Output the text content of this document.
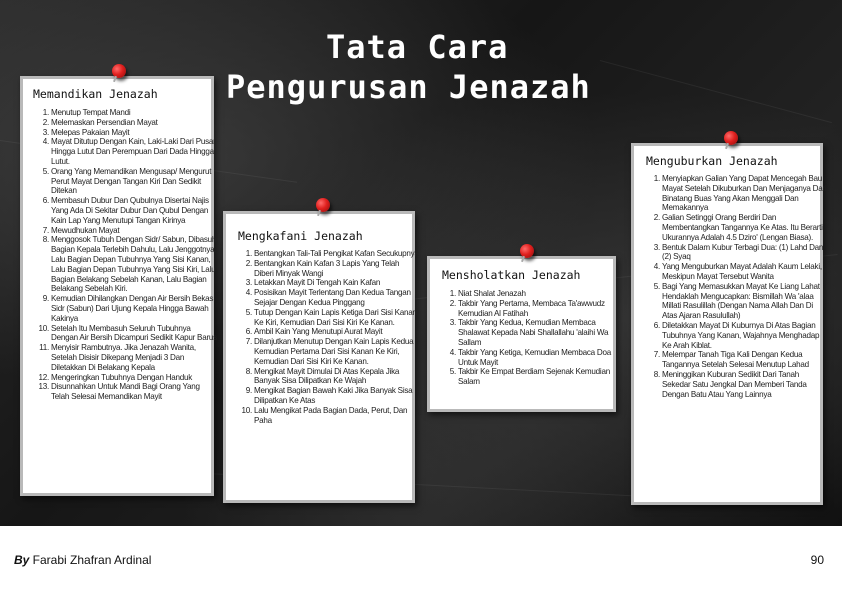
Tata Cara
Pengurusan Jenazah
Memandikan Jenazah
1. Menutup Tempat Mandi
2. Melemaskan Persendian Mayat
3. Melepas Pakaian Mayit
4. Mayat Ditutup Dengan Kain, Laki-Laki Dari Pusar Hingga Lutut Dan Perempuan Dari Dada Hingga Lutut.
5. Orang Yang Memandikan Mengusap/ Mengurut Perut Mayat Dengan Tangan Kiri Dan Sedikit Ditekan
6. Membasuh Dubur Dan Qubulnya Disertai Najis Yang Ada Di Sekitar Dubur Dan Qubul Dengan Kain Lap Yang Menutupi Tangan Kirinya
7. Mewudhukan Mayat
8. Menggosok Tubuh Dengan Sidr/ Sabun, Dibasuh Bagian Kepala Terlebih Dahulu, Lalu Jenggotnya, Lalu Bagian Depan Tubuhnya Yang Sisi Kanan, Lalu Bagian Depan Tubuhnya Yang Sisi Kiri, Lalu Bagian Belakang Sebelah Kanan, Lalu Bagian Belakang Sebelah Kiri.
9. Kemudian Dihilangkan Dengan Air Bersih Bekas Sidr (Sabun) Dari Ujung Kepala Hingga Bawah Kakinya
10. Setelah Itu Membasuh Seluruh Tubuhnya Dengan Air Bersih Dicampuri Sedikit Kapur Barus
11. Menyisir Rambutnya. Jika Jenazah Wanita, Setelah Disisir Dikepang Menjadi 3 Dan Diletakkan Di Belakang Kepala
12. Mengeringkan Tubuhnya Dengan Handuk
13. Disunnahkan Untuk Mandi Bagi Orang Yang Telah Selesai Memandikan Mayit
Mengkafani Jenazah
1. Bentangkan Tali-Tali Pengikat Kafan Secukupnya
2. Bentangkan Kain Kafan 3 Lapis Yang Telah Diberi Minyak Wangi
3. Letakkan Mayit Di Tengah Kain Kafan
4. Posisikan Mayit Terlentang Dan Kedua Tangan Sejajar Dengan Kedua Pinggang
5. Tutup Dengan Kain Lapis Ketiga Dari Sisi Kanan Ke Kiri, Kemudian Dari Sisi Kiri Ke Kanan.
6. Ambil Kain Yang Menutupi Aurat Mayit
7. Dilanjutkan Menutup Dengan Kain Lapis Kedua Kemudian Pertama Dari Sisi Kanan Ke Kiri, Kemudian Dari Sisi Kiri Ke Kanan.
8. Mengikat Mayit Dimulai Di Atas Kepala Jika Banyak Sisa Dilipatkan Ke Wajah
9. Mengikat Bagian Bawah Kaki Jika Banyak Sisa Dilipatkan Ke Atas
10. Lalu Mengikat Pada Bagian Dada, Perut, Dan Paha
Mensholatkan Jenazah
1. Niat Shalat Jenazah
2. Takbir Yang Pertama, Membaca Ta'awwudz Kemudian Al Fatihah
3. Takbir Yang Kedua, Kemudian Membaca Shalawat Kepada Nabi Shallallahu 'alaihi Wa Sallam
4. Takbir Yang Ketiga, Kemudian Membaca Doa Untuk Mayit
5. Takbir Ke Empat Berdiam Sejenak Kemudian Salam
Menguburkan Jenazah
1. Menyiapkan Galian Yang Dapat Mencegah Bau Mayat Setelah Dikuburkan Dan Menjaganya Dari Binatang Buas Yang Akan Menggali Dan Memakannya
2. Galian Setinggi Orang Berdiri Dan Membentangkan Tangannya Ke Atas. Itu Berarti Ukurannya Adalah 4.5 Dziro' (Lengan Biasa).
3. Bentuk Dalam Kubur Terbagi Dua: (1) Lahd Dan (2) Syaq
4. Yang Menguburkan Mayat Adalah Kaum Lelaki, Meskipun Mayat Tersebut Wanita
5. Bagi Yang Memasukkan Mayat Ke Liang Lahat Hendaklah Mengucapkan: Bismillah Wa 'alaa Millati Rasulillah (Dengan Nama Allah Dan Di Atas Ajaran Rasulullah)
6. Diletakkan Mayat Di Kuburnya Di Atas Bagian Tubuhnya Yang Kanan, Wajahnya Menghadap Ke Arah Kiblat.
7. Melempar Tanah Tiga Kali Dengan Kedua Tangannya Setelah Selesai Menutup Lahad
8. Meninggikan Kuburan Sedikit Dari Tanah Sekedar Satu Jengkal Dan Memberi Tanda Dengan Batu Atau Yang Lainnya
By Farabi Zhafran Ardinal	90
